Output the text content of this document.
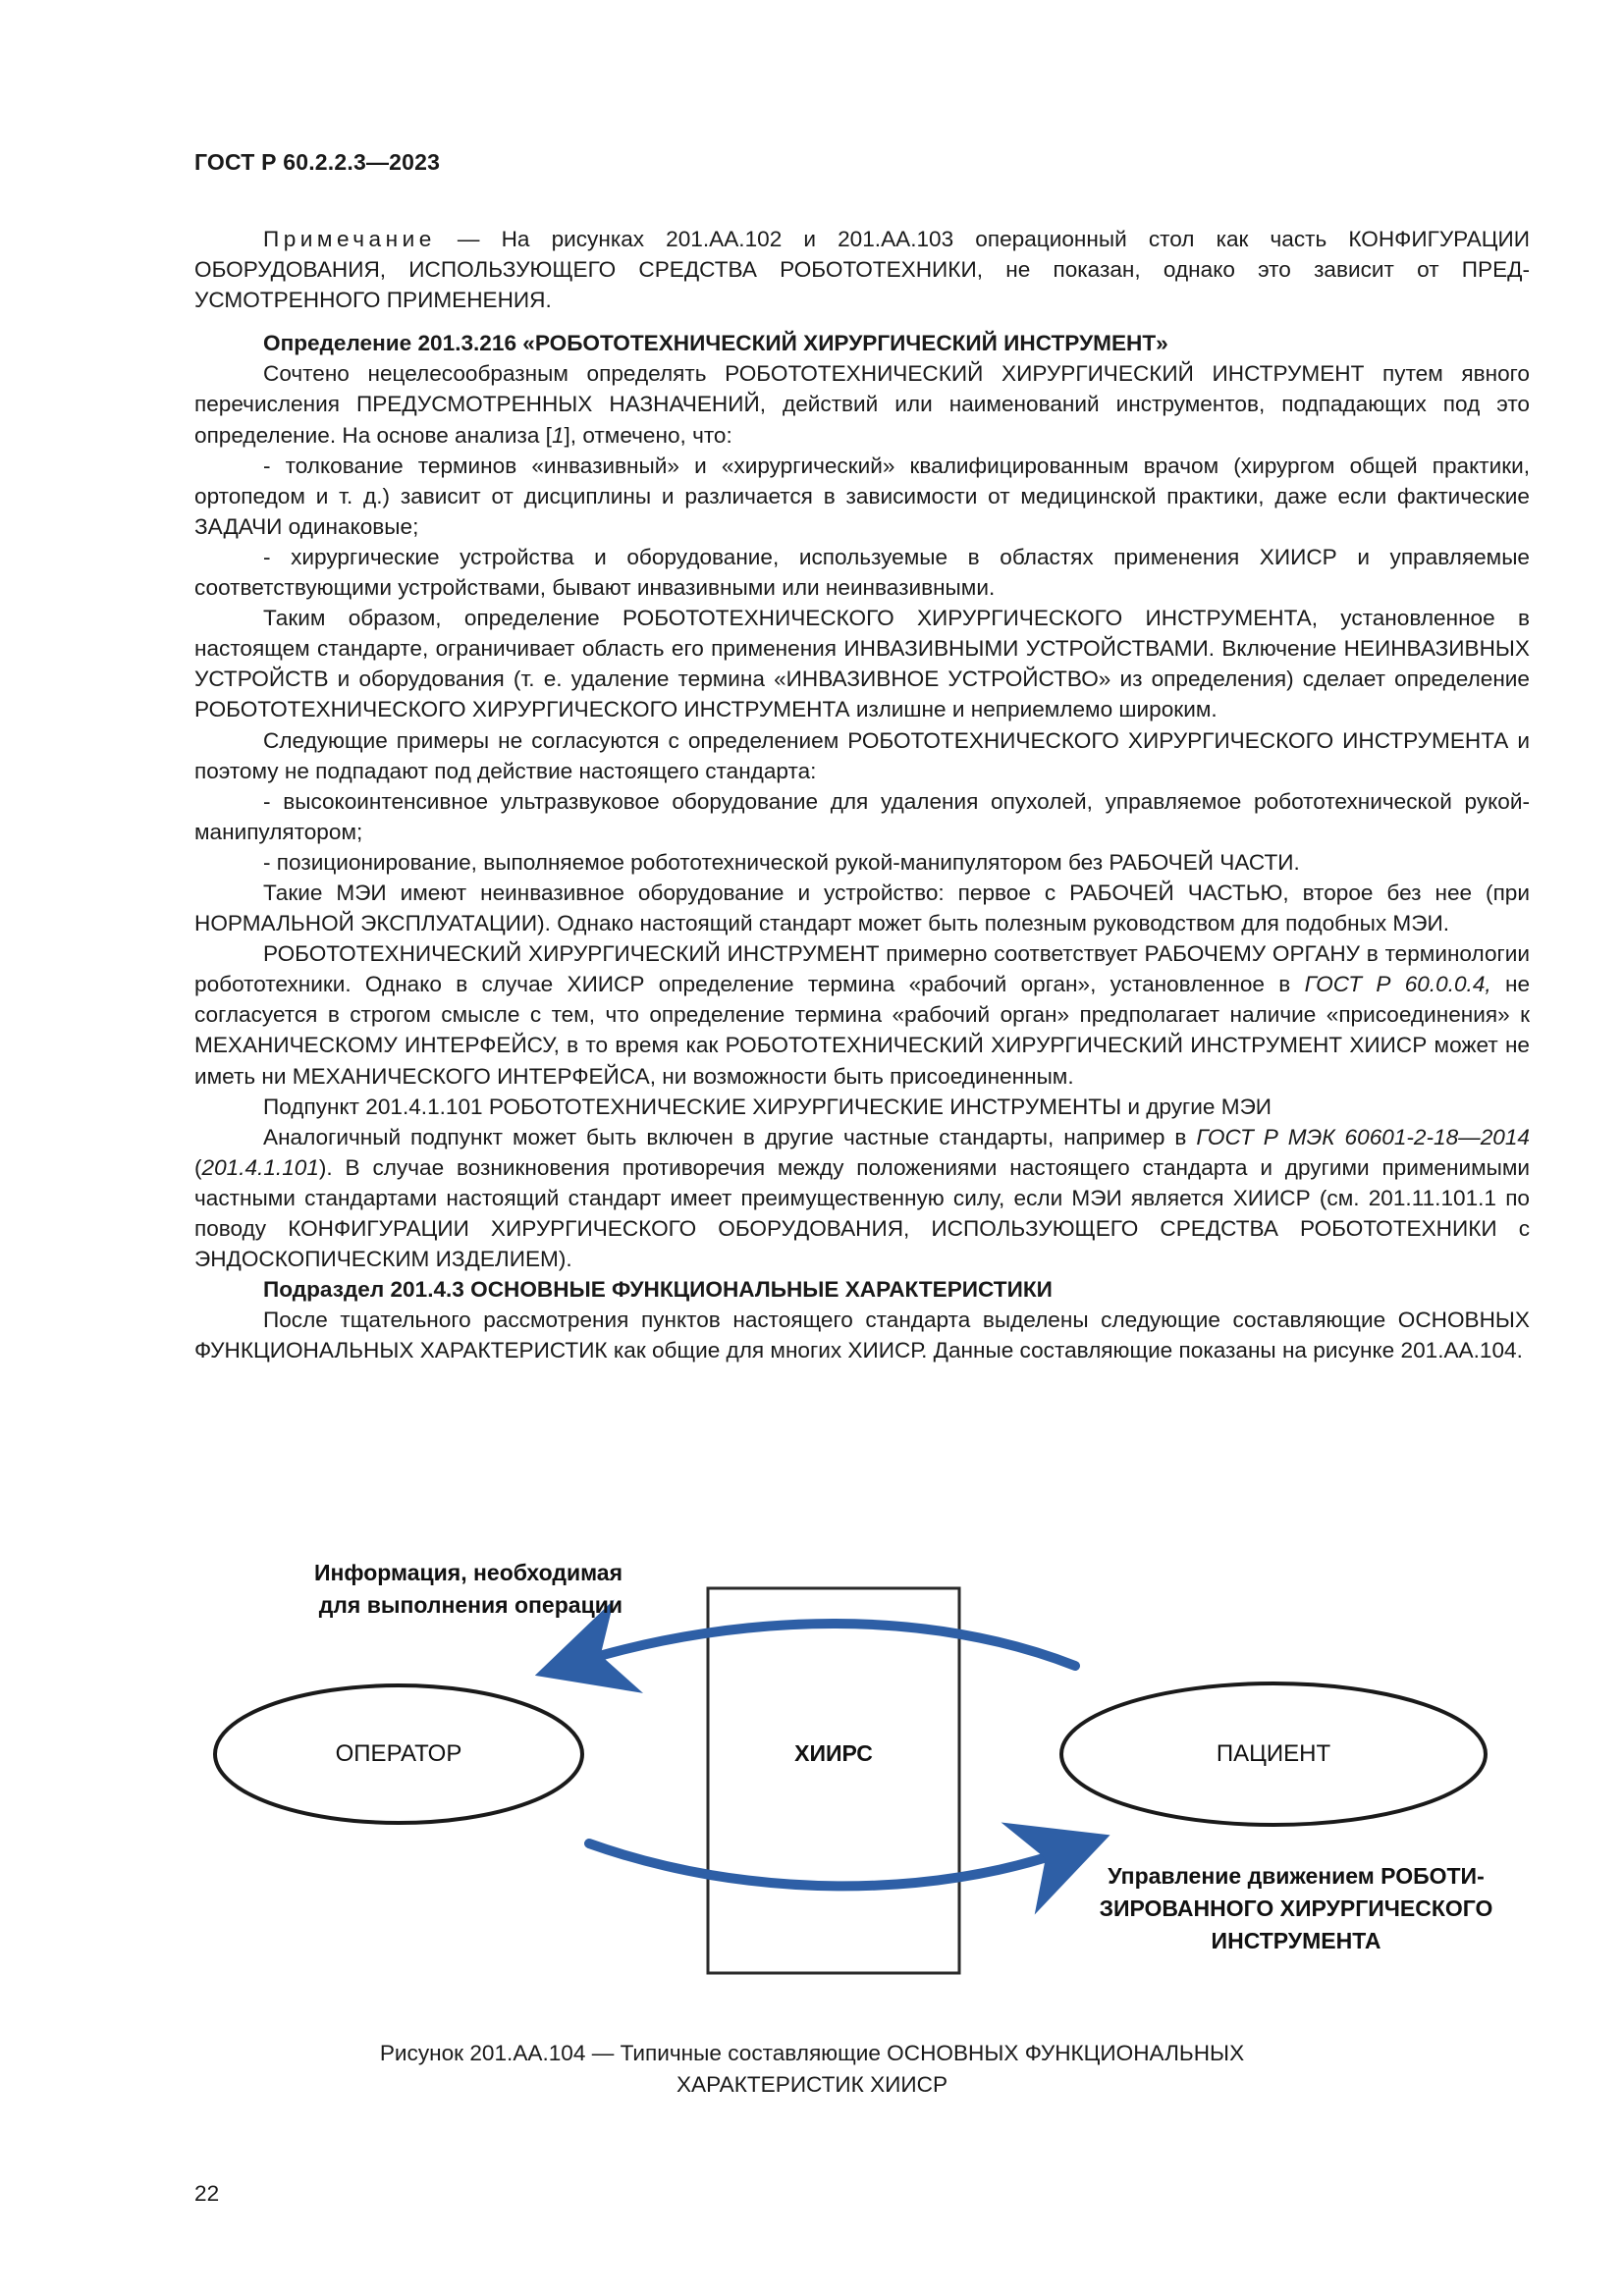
ГОСТ Р 60.2.2.3—2023

Примечание — На рисунках 201.АА.102 и 201.АА.103 операционный стол как часть КОНФИГУРАЦИИ ОБОРУДОВАНИЯ, ИСПОЛЬЗУЮЩЕГО СРЕДСТВА РОБОТОТЕХНИКИ, не показан, однако это зависит от ПРЕДУСМОТРЕННОГО ПРИМЕНЕНИЯ.

Определение 201.3.216 «РОБОТОТЕХНИЧЕСКИЙ ХИРУРГИЧЕСКИЙ ИНСТРУМЕНТ»

Сочтено нецелесообразным определять РОБОТОТЕХНИЧЕСКИЙ ХИРУРГИЧЕСКИЙ ИНСТРУМЕНТ путем явного перечисления ПРЕДУСМОТРЕННЫХ НАЗНАЧЕНИЙ, действий или наименований инструментов, подпадающих под это определение. На основе анализа [1], отмечено, что:

- толкование терминов «инвазивный» и «хирургический» квалифицированным врачом (хирургом общей практики, ортопедом и т. д.) зависит от дисциплины и различается в зависимости от медицинской практики, даже если фактические ЗАДАЧИ одинаковые;

- хирургические устройства и оборудование, используемые в областях применения ХИИСР и управляемые соответствующими устройствами, бывают инвазивными или неинвазивными.

Таким образом, определение РОБОТОТЕХНИЧЕСКОГО ХИРУРГИЧЕСКОГО ИНСТРУМЕНТА, установленное в настоящем стандарте, ограничивает область его применения ИНВАЗИВНЫМИ УСТРОЙСТВАМИ. Включение НЕИНВАЗИВНЫХ УСТРОЙСТВ и оборудования (т. е. удаление термина «ИНВАЗИВНОЕ УСТРОЙСТВО» из определения) сделает определение РОБОТОТЕХНИЧЕСКОГО ХИРУРГИЧЕСКОГО ИНСТРУМЕНТА излишне и неприемлемо широким.

Следующие примеры не согласуются с определением РОБОТОТЕХНИЧЕСКОГО ХИРУРГИЧЕСКОГО ИНСТРУМЕНТА и поэтому не подпадают под действие настоящего стандарта:

- высокоинтенсивное ультразвуковое оборудование для удаления опухолей, управляемое робототехнической рукой-манипулятором;

- позиционирование, выполняемое робототехнической рукой-манипулятором без РАБОЧЕЙ ЧАСТИ.

Такие МЭИ имеют неинвазивное оборудование и устройство: первое с РАБОЧЕЙ ЧАСТЬЮ, второе без нее (при НОРМАЛЬНОЙ ЭКСПЛУАТАЦИИ). Однако настоящий стандарт может быть полезным руководством для подобных МЭИ.

РОБОТОТЕХНИЧЕСКИЙ ХИРУРГИЧЕСКИЙ ИНСТРУМЕНТ примерно соответствует РАБОЧЕМУ ОРГАНУ в терминологии робототехники. Однако в случае ХИИСР определение термина «рабочий орган», установленное в ГОСТ Р 60.0.0.4, не согласуется в строгом смысле с тем, что определение термина «рабочий орган» предполагает наличие «присоединения» к МЕХАНИЧЕСКОМУ ИНТЕРФЕЙСУ, в то время как РОБОТОТЕХНИЧЕСКИЙ ХИРУРГИЧЕСКИЙ ИНСТРУМЕНТ ХИИСР может не иметь ни МЕХАНИЧЕСКОГО ИНТЕРФЕЙСА, ни возможности быть присоединенным.

Подпункт 201.4.1.101 РОБОТОТЕХНИЧЕСКИЕ ХИРУРГИЧЕСКИЕ ИНСТРУМЕНТЫ и другие МЭИ

Аналогичный подпункт может быть включен в другие частные стандарты, например в ГОСТ Р МЭК 60601-2-18—2014 (201.4.1.101). В случае возникновения противоречия между положениями настоящего стандарта и другими применимыми частными стандартами настоящий стандарт имеет преимущественную силу, если МЭИ является ХИИСР (см. 201.11.101.1 по поводу КОНФИГУРАЦИИ ХИРУРГИЧЕСКОГО ОБОРУДОВАНИЯ, ИСПОЛЬЗУЮЩЕГО СРЕДСТВА РОБОТОТЕХНИКИ с ЭНДОСКОПИЧЕСКИМ ИЗДЕЛИЕМ).

Подраздел 201.4.3 ОСНОВНЫЕ ФУНКЦИОНАЛЬНЫЕ ХАРАКТЕРИСТИКИ

После тщательного рассмотрения пунктов настоящего стандарта выделены следующие составляющие ОСНОВНЫХ ФУНКЦИОНАЛЬНЫХ ХАРАКТЕРИСТИК как общие для многих ХИИСР. Данные составляющие показаны на рисунке 201.АА.104.

Информация, необходимая
для выполнения операции
ОПЕРАТОР	ХИИРС	ПАЦИЕНТ
Управление движением РОБОТИ-
ЗИРОВАННОГО ХИРУРГИЧЕСКОГО
ИНСТРУМЕНТА
Рисунок 201.АА.104 — Типичные составляющие ОСНОВНЫХ ФУНКЦИОНАЛЬНЫХ
ХАРАКТЕРИСТИК ХИИСР
22
